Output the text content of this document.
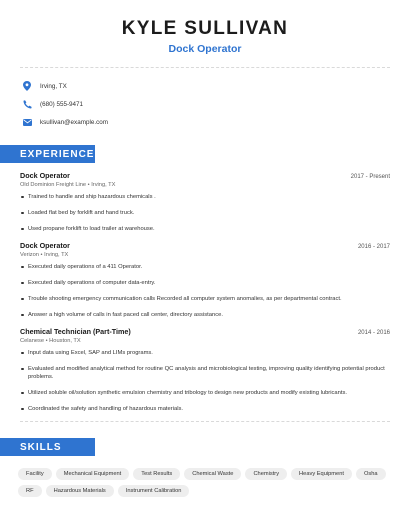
KYLE SULLIVAN
Dock Operator
Irving, TX
(680) 555-9471
ksullivan@example.com
EXPERIENCE
Dock Operator	2017 - Present
Old Dominion Freight Line • Irving, TX
Trained to handle and ship hazardous chemicals .
Loaded flat bed by forklift and hand truck.
Used propane forklift to load trailer at warehouse.
Dock Operator	2016 - 2017
Verizon • Irving, TX
Executed daily operations of a 411 Operator.
Executed daily operations of computer data-entry.
Trouble shooting emergency communication calls Recorded all computer system anomalies, as per departmental contract.
Answer a high volume of calls in fast paced call center, directory assistance.
Chemical Technician (Part-Time)	2014 - 2016
Celanese • Houston, TX
Input data using Excel, SAP and LIMs programs.
Evaluated and modified analytical method for routine QC analysis and microbiological testing, improving quality identifying potential product problems.
Utilized soluble oil/solution synthetic emulsion chemistry and tribology to design new products and modify existing lubricants.
Coordinated the safety and handling of hazardous materials.
SKILLS
Facility	Mechanical Equipment	Test Results	Chemical Waste	Chemistry	Heavy Equipment	Osha
RF	Hazardous Materials	Instrument Calibration
